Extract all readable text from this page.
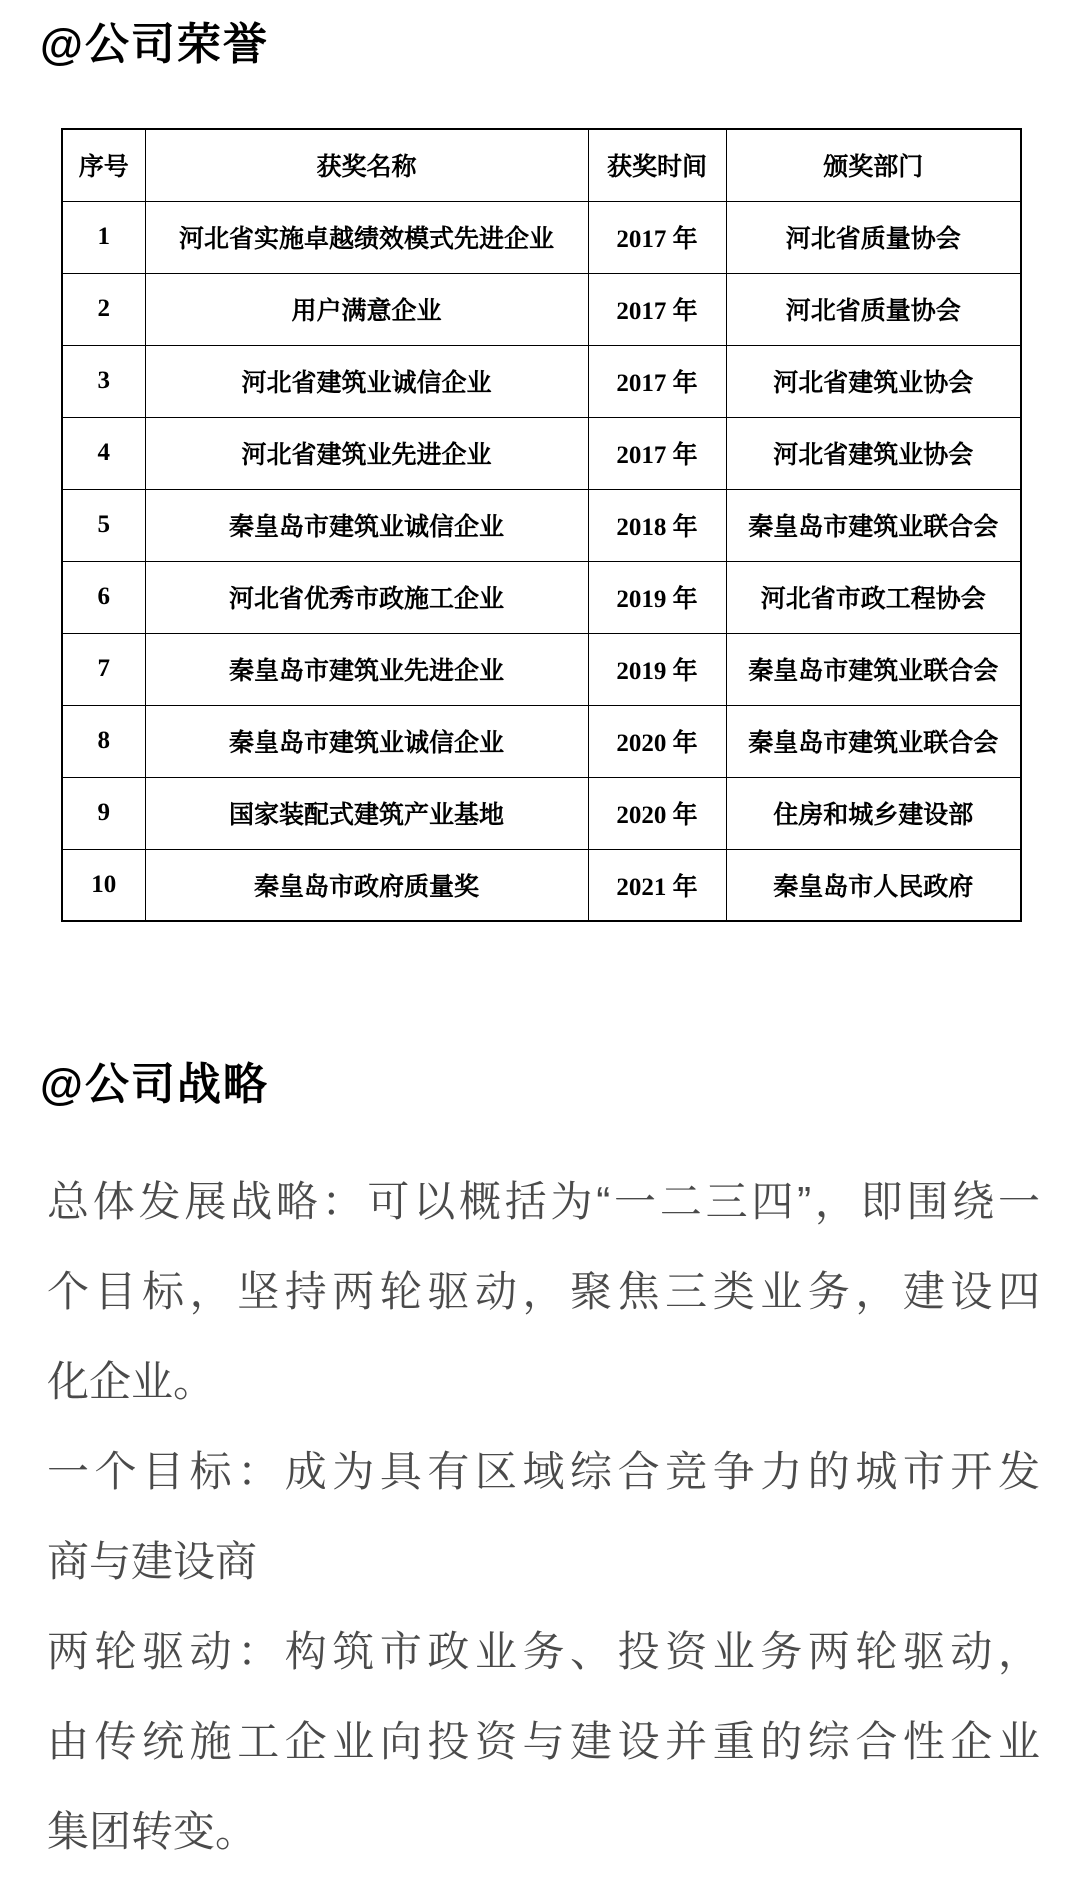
@公司荣誉
序号	获奖名称	获奖时间	颁奖部门
1	河北省实施卓越绩效模式先进企业	2017 年	河北省质量协会
2	用户满意企业	2017 年	河北省质量协会
3	河北省建筑业诚信企业	2017 年	河北省建筑业协会
4	河北省建筑业先进企业	2017 年	河北省建筑业协会
5	秦皇岛市建筑业诚信企业	2018 年	秦皇岛市建筑业联合会
6	河北省优秀市政施工企业	2019 年	河北省市政工程协会
7	秦皇岛市建筑业先进企业	2019 年	秦皇岛市建筑业联合会
8	秦皇岛市建筑业诚信企业	2020 年	秦皇岛市建筑业联合会
9	国家装配式建筑产业基地	2020 年	住房和城乡建设部
10	秦皇岛市政府质量奖	2021 年	秦皇岛市人民政府
@公司战略
总体发展战略：可以概括为“一二三四”，即围绕一
个目标，坚持两轮驱动，聚焦三类业务，建设四
化企业。
一个目标：成为具有区域综合竞争力的城市开发
商与建设商
两轮驱动：构筑市政业务、投资业务两轮驱动，
由传统施工企业向投资与建设并重的综合性企业
集团转变。
